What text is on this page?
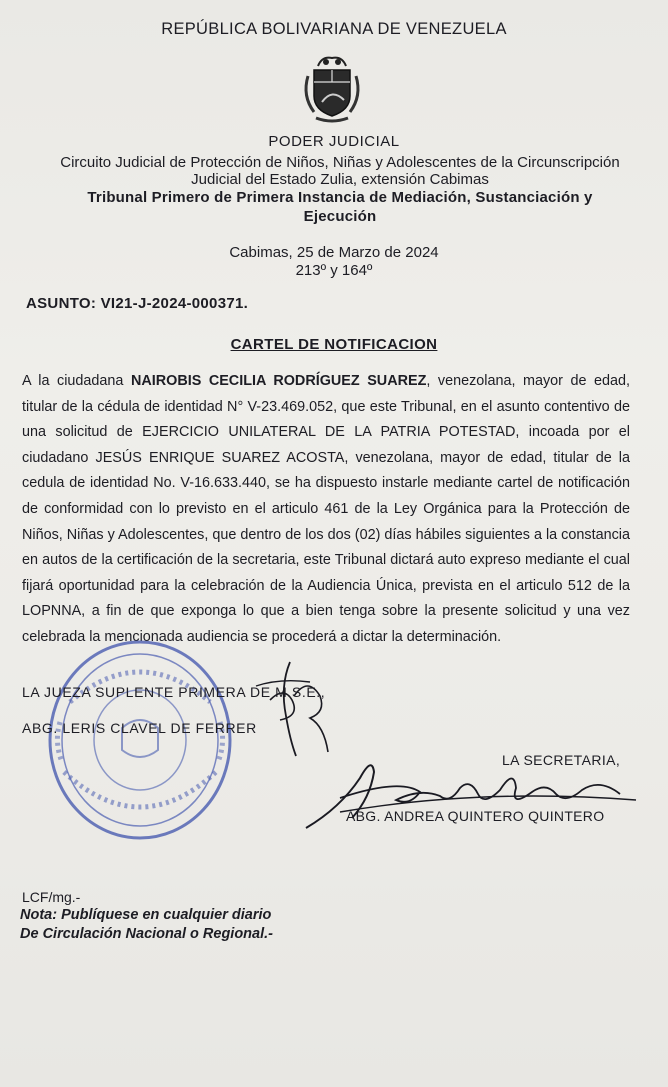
REPÚBLICA BOLIVARIANA DE VENEZUELA
PODER JUDICIAL
Circuito Judicial de Protección de Niños, Niñas y Adolescentes de la Circunscripción
Judicial del Estado Zulia, extensión Cabimas
Tribunal Primero de Primera Instancia de Mediación, Sustanciación y
Ejecución
Cabimas, 25 de Marzo de 2024
213º y 164º
ASUNTO: VI21-J-2024-000371.
CARTEL DE NOTIFICACION
A la ciudadana NAIROBIS CECILIA RODRÍGUEZ SUAREZ, venezolana, mayor de edad, titular de la cédula de identidad N° V-23.469.052, que este Tribunal, en el asunto contentivo de una solicitud de EJERCICIO UNILATERAL DE LA PATRIA POTESTAD, incoada por el ciudadano JESÚS ENRIQUE SUAREZ ACOSTA, venezolana, mayor de edad, titular de la cedula de identidad No. V-16.633.440, se ha dispuesto instarle mediante cartel de notificación de conformidad con lo previsto en el articulo 461 de la Ley Orgánica para la Protección de Niños, Niñas y Adolescentes, que dentro de los dos (02) días hábiles siguientes a la constancia en autos de la certificación de la secretaria, este Tribunal dictará auto expreso mediante el cual fijará oportunidad para la celebración de la Audiencia Única, prevista en el articulo 512 de la LOPNNA, a fin de que exponga lo que a bien tenga sobre la presente solicitud y una vez celebrada la mencionada audiencia se procederá a dictar la determinación.
LA JUEZA SUPLENTE PRIMERA DE M.S.E.,
ABG. LERIS CLAVEL DE FERRER
LA SECRETARIA,
ABG. ANDREA QUINTERO QUINTERO
LCF/mg.-
Nota: Publíquese en cualquier diario
De Circulación Nacional o Regional.-
